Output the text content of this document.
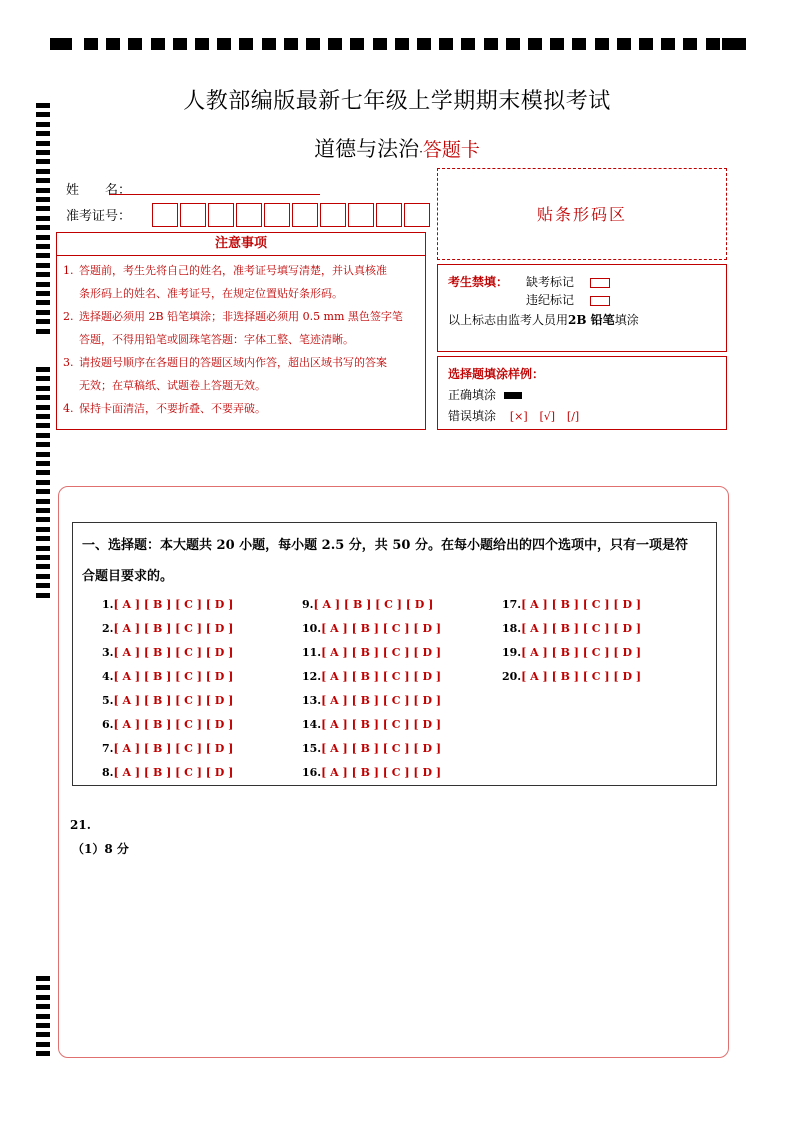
人教部编版最新七年级上学期期末模拟考试
道德与法治·答题卡
姓　　名：
准考证号：	贴条形码区
注意事项
1. 答题前，考生先将自己的姓名，准考证号填写清楚，并认真核准
条形码上的姓名、准考证号，在规定位置贴好条形码。
2. 选择题必须用 2B 铅笔填涂；非选择题必须用 0.5 mm 黑色签字笔
答题，不得用铅笔或圆珠笔答题：字体工整、笔迹清晰。
3. 请按题号顺序在各题目的答题区域内作答，超出区域书写的答案
无效；在草稿纸、试题卷上答题无效。
4. 保持卡面清洁，不要折叠、不要弄破。
考生禁填： 缺考标记
违纪标记
以上标志由监考人员用2B 铅笔填涂
选择题填涂样例：
正确填涂
错误填涂 [×] [√] [/]
一、选择题：本大题共 20 小题，每小题 2.5 分，共 50 分。在每小题给出的四个选项中，只有一项是符
合题目要求的。
1.[ A ] [ B ] [ C ] [ D ]
2.[ A ] [ B ] [ C ] [ D ]
3.[ A ] [ B ] [ C ] [ D ]
4.[ A ] [ B ] [ C ] [ D ]
5.[ A ] [ B ] [ C ] [ D ]
6.[ A ] [ B ] [ C ] [ D ]
7.[ A ] [ B ] [ C ] [ D ]
8.[ A ] [ B ] [ C ] [ D ]
9.[ A ] [ B ] [ C ] [ D ]
10.[ A ] [ B ] [ C ] [ D ]
11.[ A ] [ B ] [ C ] [ D ]
12.[ A ] [ B ] [ C ] [ D ]
13.[ A ] [ B ] [ C ] [ D ]
14.[ A ] [ B ] [ C ] [ D ]
15.[ A ] [ B ] [ C ] [ D ]
16.[ A ] [ B ] [ C ] [ D ]
17.[ A ] [ B ] [ C ] [ D ]
18.[ A ] [ B ] [ C ] [ D ]
19.[ A ] [ B ] [ C ] [ D ]
20.[ A ] [ B ] [ C ] [ D ]
21.
（1）8 分
